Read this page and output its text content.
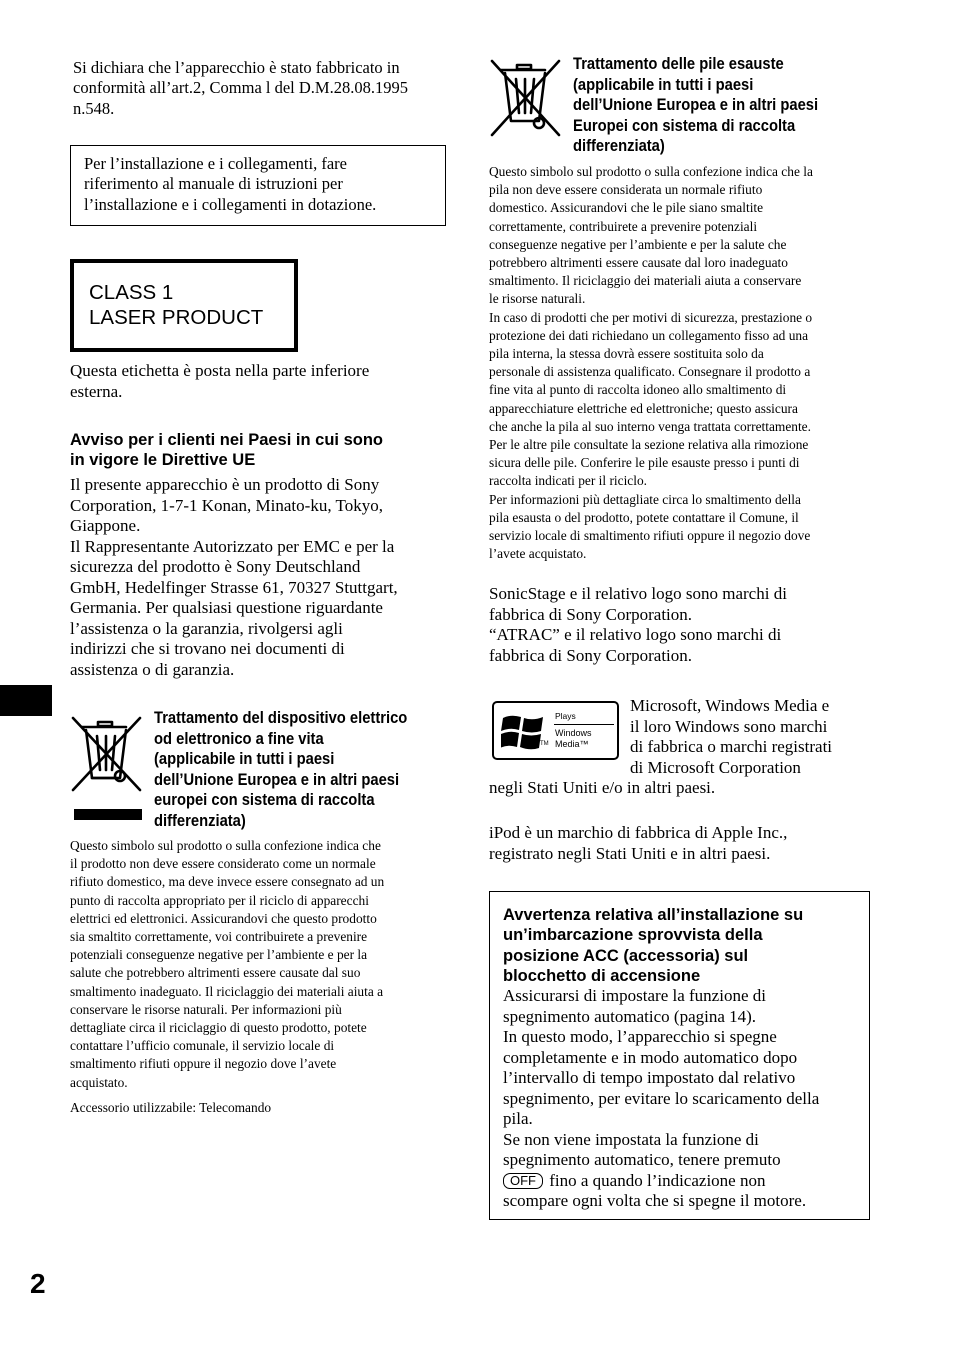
Si dichiara che l’apparecchio è stato fabbricato in

conformità all’art.2, Comma l del D.M.28.08.1995

n.548.

Per l’installazione e i collegamenti, fare

riferimento al manuale di istruzioni per

l’installazione e i collegamenti in dotazione.

CLASS 1

LASER PRODUCT

Questa etichetta è posta nella parte inferiore

esterna.

Avviso per i clienti nei Paesi in cui sono

in vigore le Direttive UE

Il presente apparecchio è un prodotto di Sony

Corporation, 1-7-1 Konan, Minato-ku, Tokyo,

Giappone.

Il Rappresentante Autorizzato per EMC e per la

sicurezza del prodotto è Sony Deutschland

GmbH, Hedelfinger Strasse 61, 70327 Stuttgart,

Germania. Per qualsiasi questione riguardante

l’assistenza o la garanzia, rivolgersi agli

indirizzi che si trovano nei documenti di

assistenza o di garanzia.

Trattamento del dispositivo elettrico

od elettronico a fine vita

(applicabile in tutti i paesi

dell’Unione Europea e in altri paesi

europei con sistema di raccolta

differenziata)

Questo simbolo sul prodotto o sulla confezione indica che

il prodotto non deve essere considerato come un normale

rifiuto domestico, ma deve invece essere consegnato ad un

punto di raccolta appropriato per il riciclo di apparecchi

elettrici ed elettronici. Assicurandovi che questo prodotto

sia smaltito correttamente, voi contribuirete a prevenire

potenziali conseguenze negative per l’ambiente e per la

salute che potrebbero altrimenti essere causate dal suo

smaltimento inadeguato. Il riciclaggio dei materiali aiuta a

conservare le risorse naturali. Per informazioni più

dettagliate circa il riciclaggio di questo prodotto, potete

contattare l’ufficio comunale, il servizio locale di

smaltimento rifiuti oppure il negozio dove l’avete

acquistato.

Accessorio utilizzabile: Telecomando

2

Trattamento delle pile esauste

(applicabile in tutti i paesi

dell’Unione Europea e in altri paesi

Europei con sistema di raccolta

differenziata)

Questo simbolo sul prodotto o sulla confezione indica che la

pila non deve essere considerata un normale rifiuto

domestico. Assicurandovi che le pile siano smaltite

correttamente, contribuirete a prevenire potenziali

conseguenze negative per l’ambiente e per la salute che

potrebbero altrimenti essere causate dal loro inadeguato

smaltimento. Il riciclaggio dei materiali aiuta a conservare

le risorse naturali.

In caso di prodotti che per motivi di sicurezza, prestazione o

protezione dei dati richiedano un collegamento fisso ad una

pila interna, la stessa dovrà essere sostituita solo da

personale di assistenza qualificato. Consegnare il prodotto a

fine vita al punto di raccolta idoneo allo smaltimento di

apparecchiature elettriche ed elettroniche; questo assicura

che anche la pila al suo interno venga trattata correttamente.

Per le altre pile consultate la sezione relativa alla rimozione

sicura delle pile. Conferire le pile esauste presso i punti di

raccolta indicati per il riciclo.

Per informazioni più dettagliate circa lo smaltimento della

pila esausta o del prodotto, potete contattare il Comune, il

servizio locale di smaltimento rifiuti oppure il negozio dove

l’avete acquistato.

SonicStage e il relativo logo sono marchi di

fabbrica di Sony Corporation.

“ATRAC” e il relativo logo sono marchi di

fabbrica di Sony Corporation.

TM
Plays
Windows
Media™

Microsoft, Windows Media e

il loro Windows sono marchi

di fabbrica o marchi registrati

di Microsoft Corporation

negli Stati Uniti e/o in altri paesi.

iPod è un marchio di fabbrica di Apple Inc.,

registrato negli Stati Uniti e in altri paesi.

Avvertenza relativa all’installazione su

un’imbarcazione sprovvista della

posizione ACC (accessoria) sul

blocchetto di accensione

Assicurarsi di impostare la funzione di

spegnimento automatico (pagina 14).

In questo modo, l’apparecchio si spegne

completamente e in modo automatico dopo

l’intervallo di tempo impostato dal relativo

spegnimento, per evitare lo scaricamento della

pila.

Se non viene impostata la funzione di

spegnimento automatico, tenere premuto

OFF fino a quando l’indicazione non

scompare ogni volta che si spegne il motore.
